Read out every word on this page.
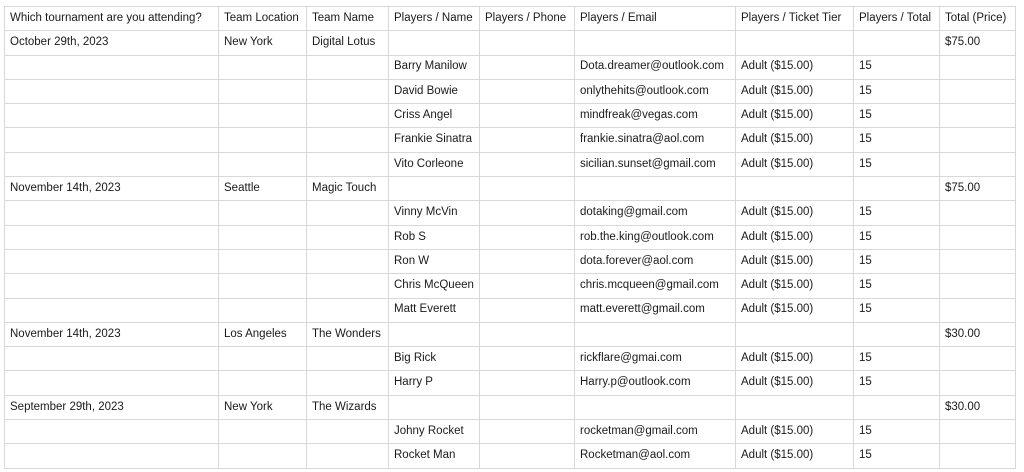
Which tournament are you attending?	Team Location	Team Name	Players / Name	Players / Phone	Players / Email	Players / Ticket Tier	Players / Total	Total (Price)
October 29th, 2023	New York	Digital Lotus						$75.00
			Barry Manilow		Dota.dreamer@outlook.com	Adult ($15.00)	15	
			David Bowie		onlythehits@outlook.com	Adult ($15.00)	15	
			Criss Angel		mindfreak@vegas.com	Adult ($15.00)	15	
			Frankie Sinatra		frankie.sinatra@aol.com	Adult ($15.00)	15	
			Vito Corleone		sicilian.sunset@gmail.com	Adult ($15.00)	15	
November 14th, 2023	Seattle	Magic Touch						$75.00
			Vinny McVin		dotaking@gmail.com	Adult ($15.00)	15	
			Rob S		rob.the.king@outlook.com	Adult ($15.00)	15	
			Ron W		dota.forever@aol.com	Adult ($15.00)	15	
			Chris McQueen		chris.mcqueen@gmail.com	Adult ($15.00)	15	
			Matt Everett		matt.everett@gmail.com	Adult ($15.00)	15	
November 14th, 2023	Los Angeles	The Wonders						$30.00
			Big Rick		rickflare@gmai.com	Adult ($15.00)	15	
			Harry P		Harry.p@outlook.com	Adult ($15.00)	15	
September 29th, 2023	New York	The Wizards						$30.00
			Johny Rocket		rocketman@gmail.com	Adult ($15.00)	15	
			Rocket Man		Rocketman@aol.com	Adult ($15.00)	15	
